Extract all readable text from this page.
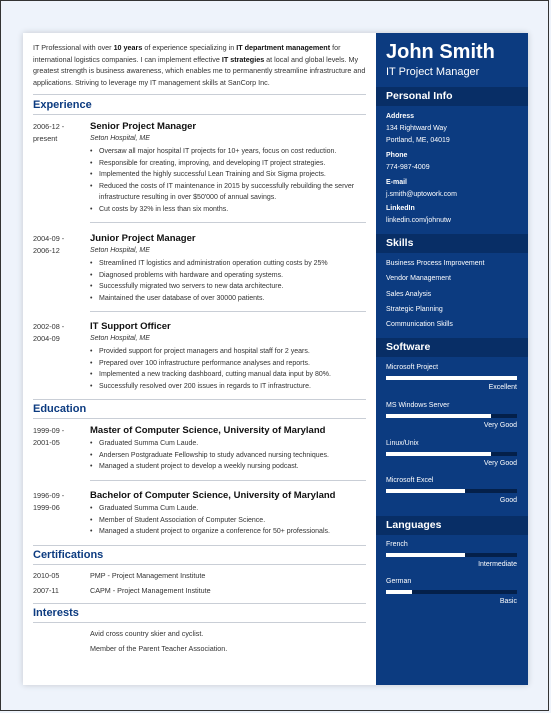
IT Professional with over 10 years of experience specializing in IT department management for international logistics companies. I can implement effective IT strategies at local and global levels. My greatest strength is business awareness, which enables me to permanently streamline infrastructure and applications. Striving to leverage my IT management skills at SanCorp Inc.
Experience
2006-12 -
present
Senior Project Manager
Seton Hospital, ME
• Oversaw all major hospital IT projects for 10+ years, focus on cost reduction.
• Responsible for creating, improving, and developing IT project strategies.
• Implemented the highly successful Lean Training and Six Sigma projects.
• Reduced the costs of IT maintenance in 2015 by successfully rebuilding the server infrastructure resulting in over $50'000 of annual savings.
• Cut costs by 32% in less than six months.
2004-09 -
2006-12
Junior Project Manager
Seton Hospital, ME
• Streamlined IT logistics and administration operation cutting costs by 25%
• Diagnosed problems with hardware and operating systems.
• Successfully migrated two servers to new data architecture.
• Maintained the user database of over 30000 patients.
2002-08 -
2004-09
IT Support Officer
Seton Hospital, ME
• Provided support for project managers and hospital staff for 2 years.
• Prepared over 100 infrastructure performance analyses and reports.
• Implemented a new tracking dashboard, cutting manual data input by 80%.
• Successfully resolved over 200 issues in regards to IT infrastructure.
Education
1999-09 -
2001-05
Master of Computer Science, University of Maryland
• Graduated Summa Cum Laude.
• Andersen Postgraduate Fellowship to study advanced nursing techniques.
• Managed a student project to develop a weekly nursing podcast.
1996-09 -
1999-06
Bachelor of Computer Science, University of Maryland
• Graduated Summa Cum Laude.
• Member of Student Association of Computer Science.
• Managed a student project to organize a conference for 50+ professionals.
Certifications
2010-05	PMP - Project Management Institute
2007-11	CAPM - Project Management Institute
Interests
Avid cross country skier and cyclist.
Member of the Parent Teacher Association.
John Smith
IT Project Manager
Personal Info
Address
134 Rightward Way
Portland, ME, 04019
Phone
774-987-4009
E-mail
j.smith@uptowork.com
LinkedIn
linkedin.com/johnutw
Skills
Business Process Improvement
Vendor Management
Sales Analysis
Strategic Planning
Communication Skills
Software
Microsoft Project
Excellent
MS Windows Server
Very Good
Linux/Unix
Very Good
Microsoft Excel
Good
Languages
French
Intermediate
German
Basic
